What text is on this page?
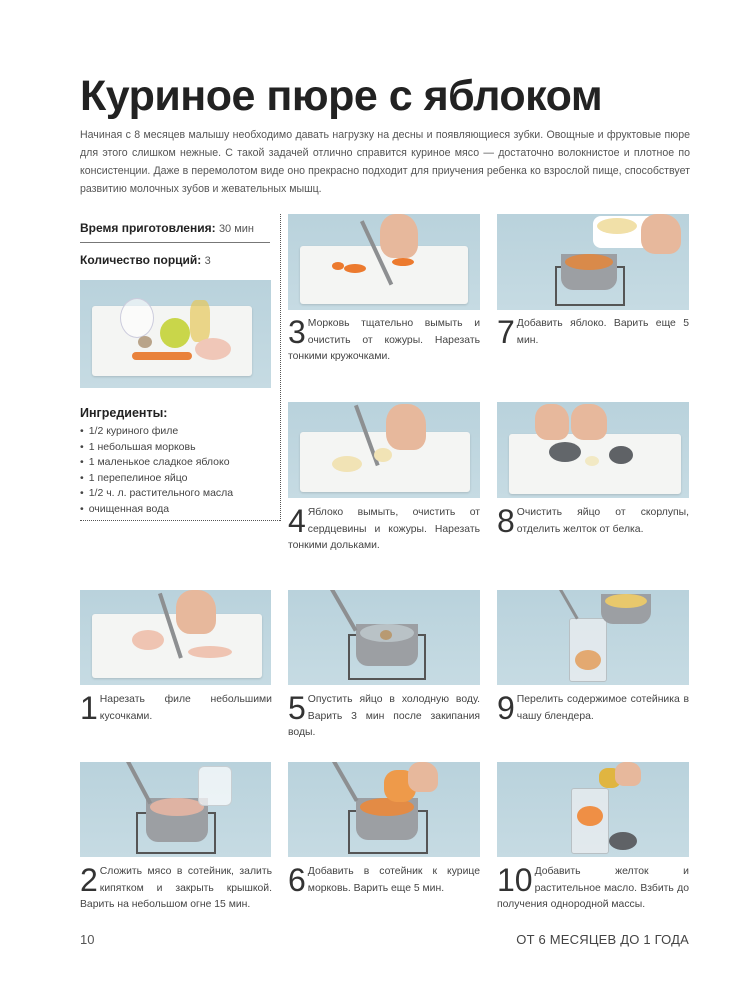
Куриное пюре с яблоком
Начиная с 8 месяцев малышу необходимо давать нагрузку на десны и появляющиеся зубки. Овощные и фруктовые пюре для этого слишком нежные. С такой задачей отлично справится куриное мясо — достаточно волокнистое и плотное по консистенции. Даже в перемолотом виде оно прекрасно подходит для приучения ребенка ко взрослой пище, способствует развитию молочных зубов и жевательных мышц.
Время приготовления: 30 мин
Количество порций: 3
Ингредиенты:
• 1/2 куриного филе
• 1 небольшая морковь
• 1 маленькое сладкое яблоко
• 1 перепелиное яйцо
• 1/2 ч. л. растительного масла
• очищенная вода
3 Морковь тщательно вымыть и очистить от кожуры. Нарезать тонкими кружочками.
4 Яблоко вымыть, очистить от сердцевины и кожуры. Нарезать тонкими дольками.
7 Добавить яблоко. Варить еще 5 мин.
8 Очистить яйцо от скорлупы, отделить желток от белка.
1 Нарезать филе небольшими кусочками.
2 Сложить мясо в сотейник, залить кипятком и закрыть крышкой. Варить на небольшом огне 15 мин.
5 Опустить яйцо в холодную воду. Варить 3 мин после закипания воды.
6 Добавить в сотейник к курице морковь. Варить еще 5 мин.
9 Перелить содержимое сотейника в чашу блендера.
10 Добавить желток и растительное масло. Взбить до получения однородной массы.
10	ОТ 6 МЕСЯЦЕВ ДО 1 ГОДА
